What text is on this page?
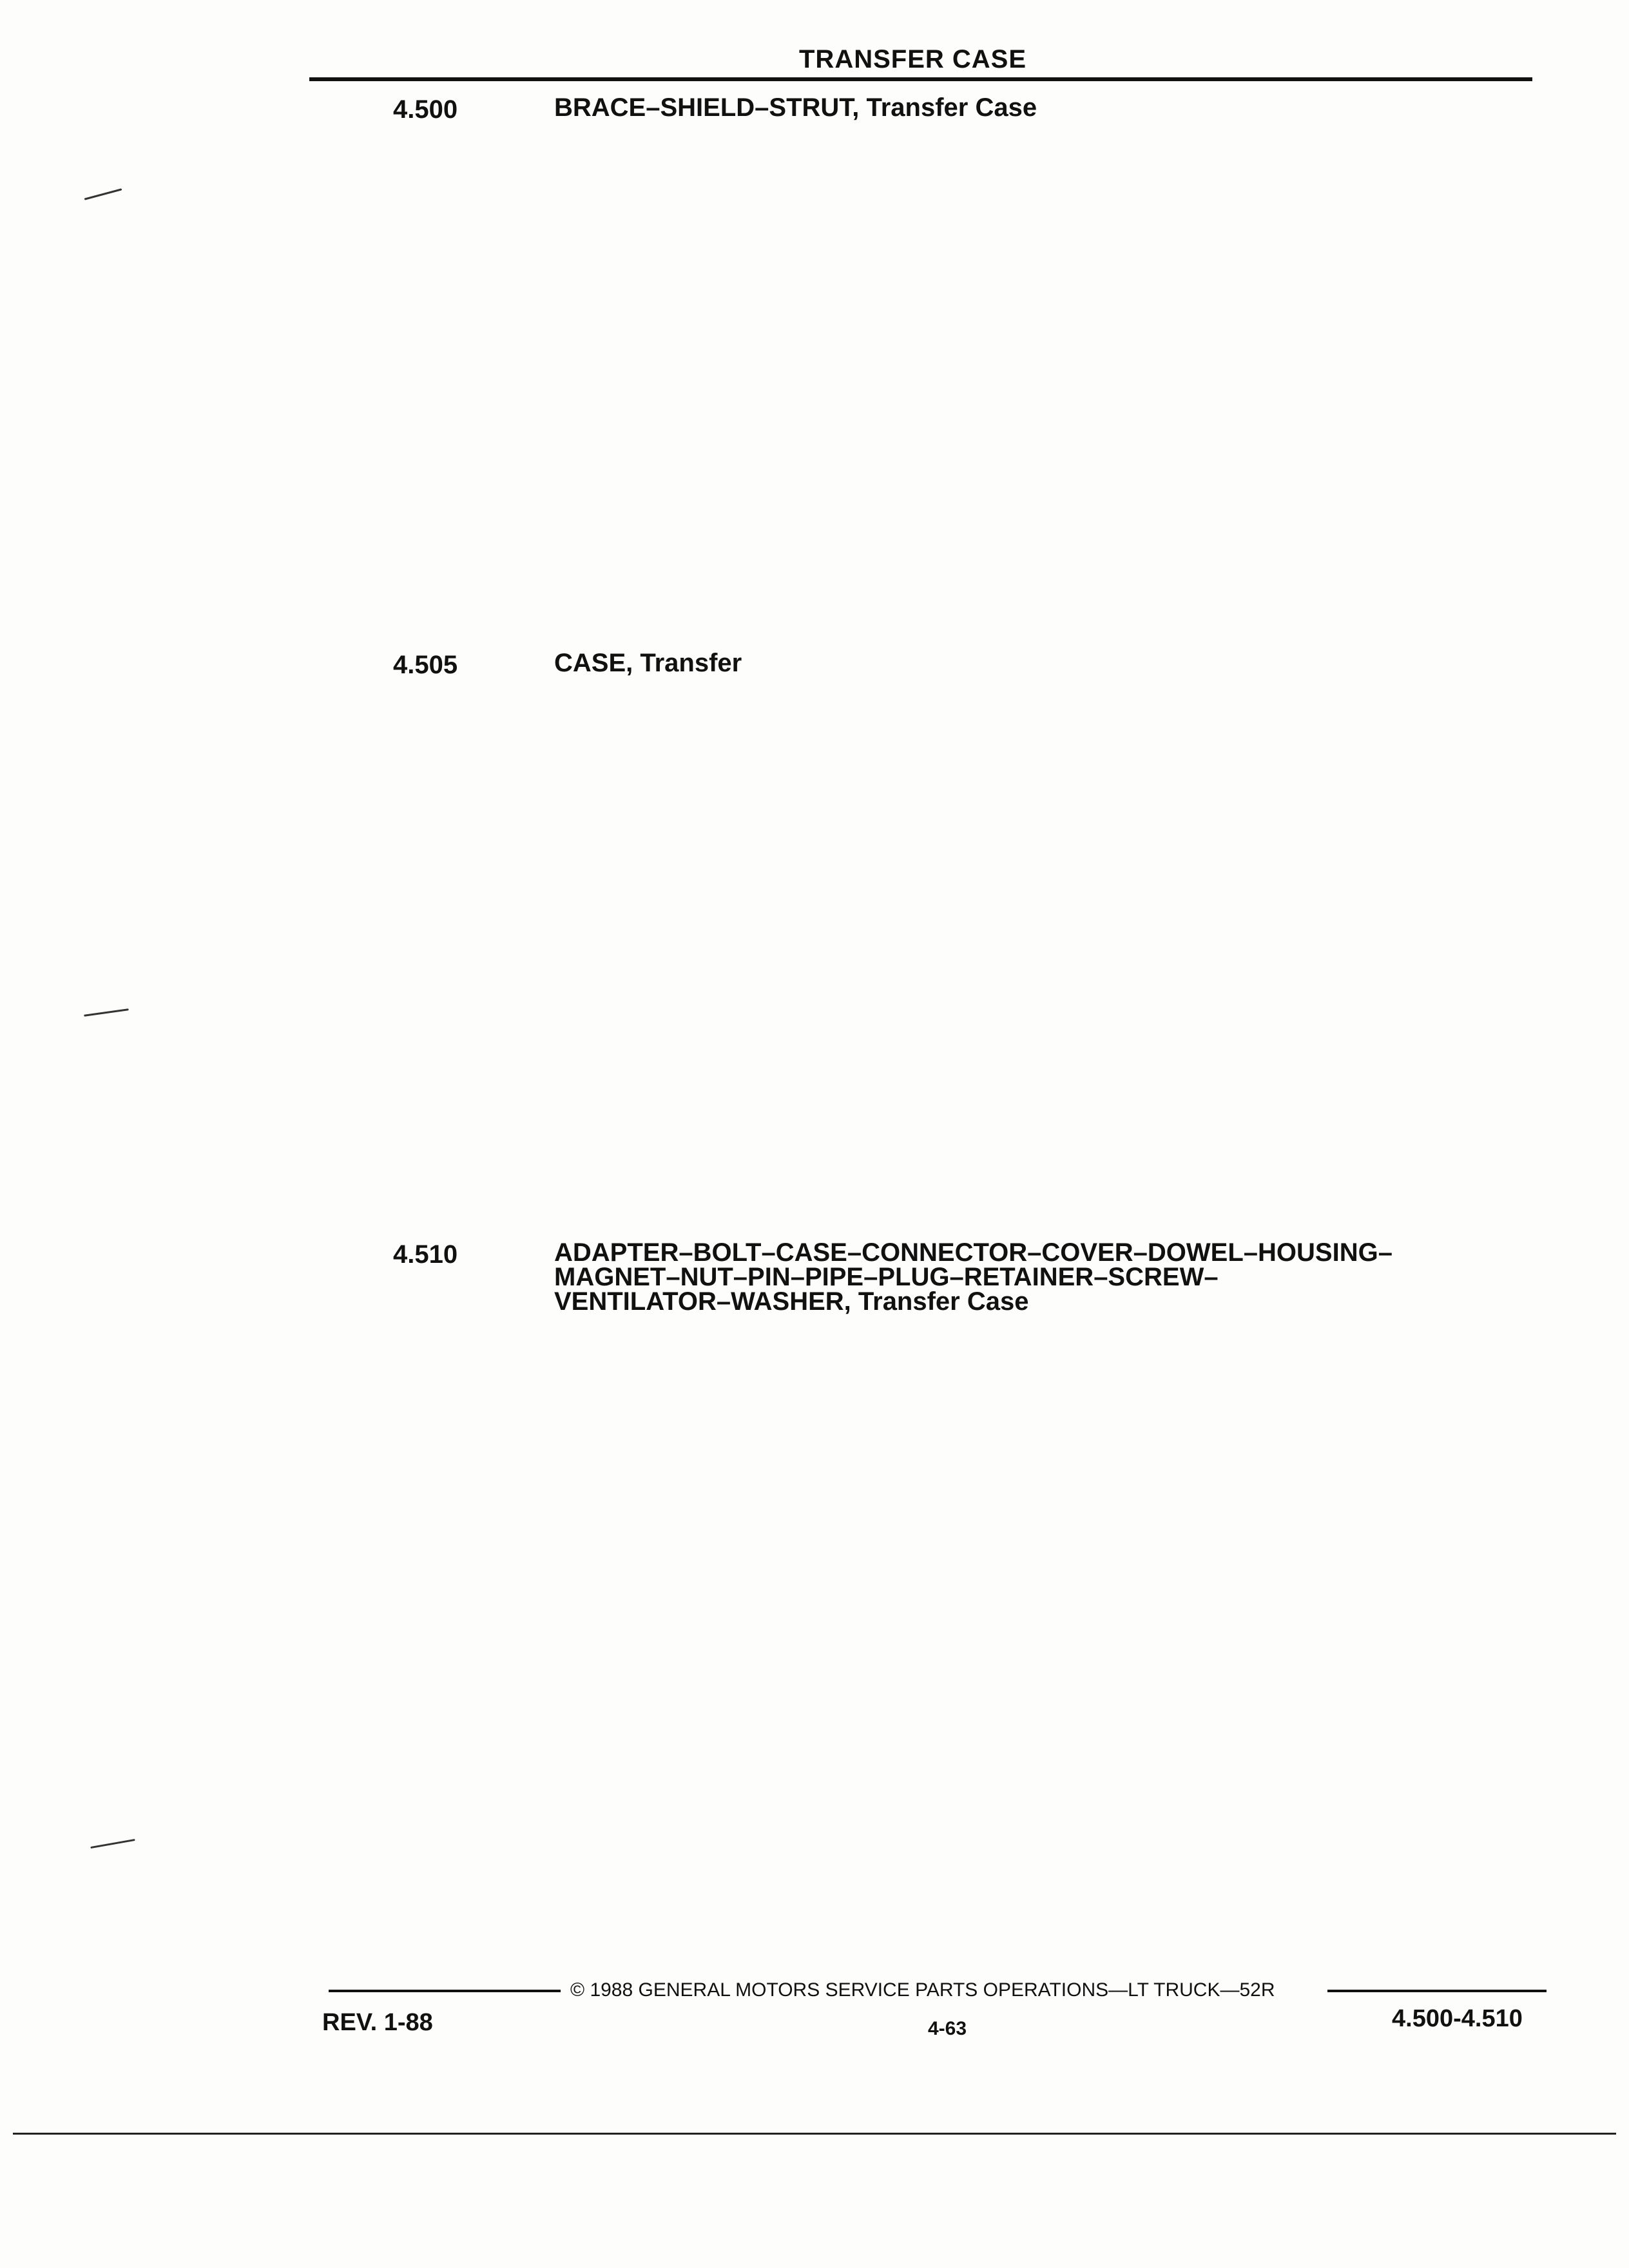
TRANSFER CASE
4.500	BRACE–SHIELD–STRUT, Transfer Case
4.505	CASE, Transfer
4.510	ADAPTER–BOLT–CASE–CONNECTOR–COVER–DOWEL–HOUSING–
MAGNET–NUT–PIN–PIPE–PLUG–RETAINER–SCREW–
VENTILATOR–WASHER, Transfer Case
© 1988 GENERAL MOTORS SERVICE PARTS OPERATIONS—LT TRUCK—52R
REV. 1-88	4-63	4.500-4.510
